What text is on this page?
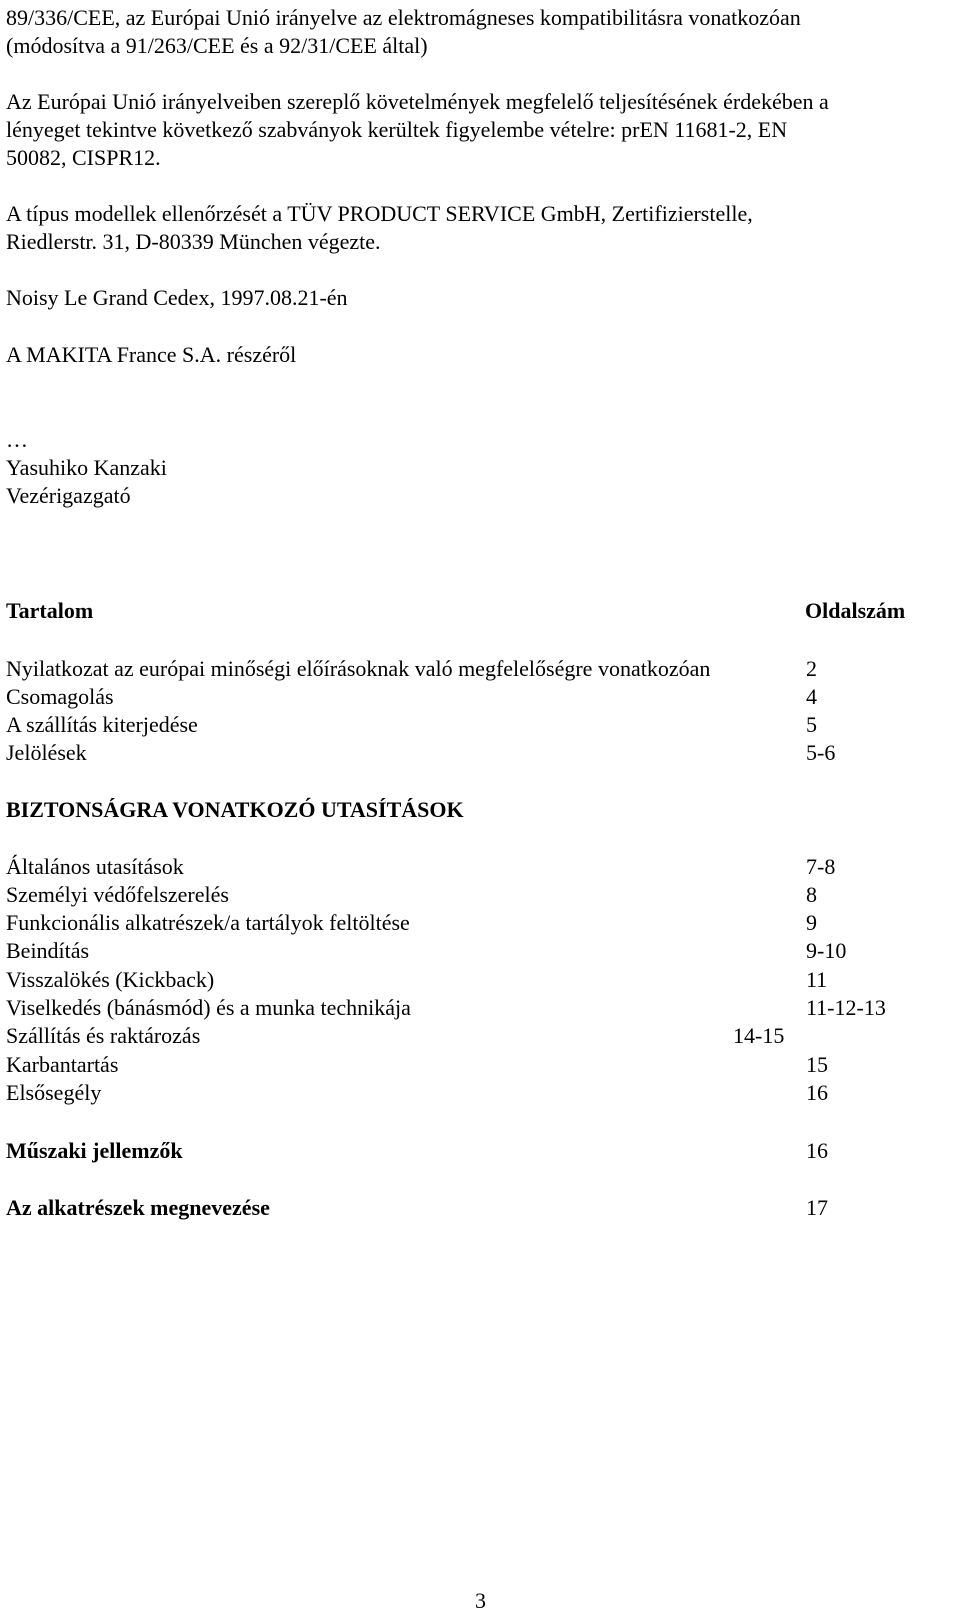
89/336/CEE, az Európai Unió irányelve az elektromágneses kompatibilitásra vonatkozóan
(módosítva a 91/263/CEE és a 92/31/CEE által)
Az Európai Unió irányelveiben szereplő követelmények megfelelő teljesítésének érdekében a
lényeget tekintve következő szabványok kerültek figyelembe vételre: prEN 11681-2, EN
50082, CISPR12.
A típus modellek ellenőrzését a TÜV PRODUCT SERVICE GmbH, Zertifizierstelle,
Riedlerstr. 31, D-80339 München végezte.
Noisy Le Grand Cedex, 1997.08.21-én
A MAKITA France S.A. részéről
…
Yasuhiko Kanzaki
Vezérigazgató
Tartalom	Oldalszám
Nyilatkozat az európai minőségi előírásoknak való megfelelőségre vonatkozóan	2
Csomagolás	4
A szállítás kiterjedése	5
Jelölések	5-6
BIZTONSÁGRA VONATKOZÓ UTASÍTÁSOK
Általános utasítások	7-8
Személyi védőfelszerelés	8
Funkcionális alkatrészek/a tartályok feltöltése	9
Beindítás	9-10
Visszalökés (Kickback)	11
Viselkedés (bánásmód) és a munka technikája	11-12-13
Szállítás és raktározás	14-15
Karbantartás	15
Elsősegély	16
Műszaki jellemzők	16
Az alkatrészek megnevezése	17
3
